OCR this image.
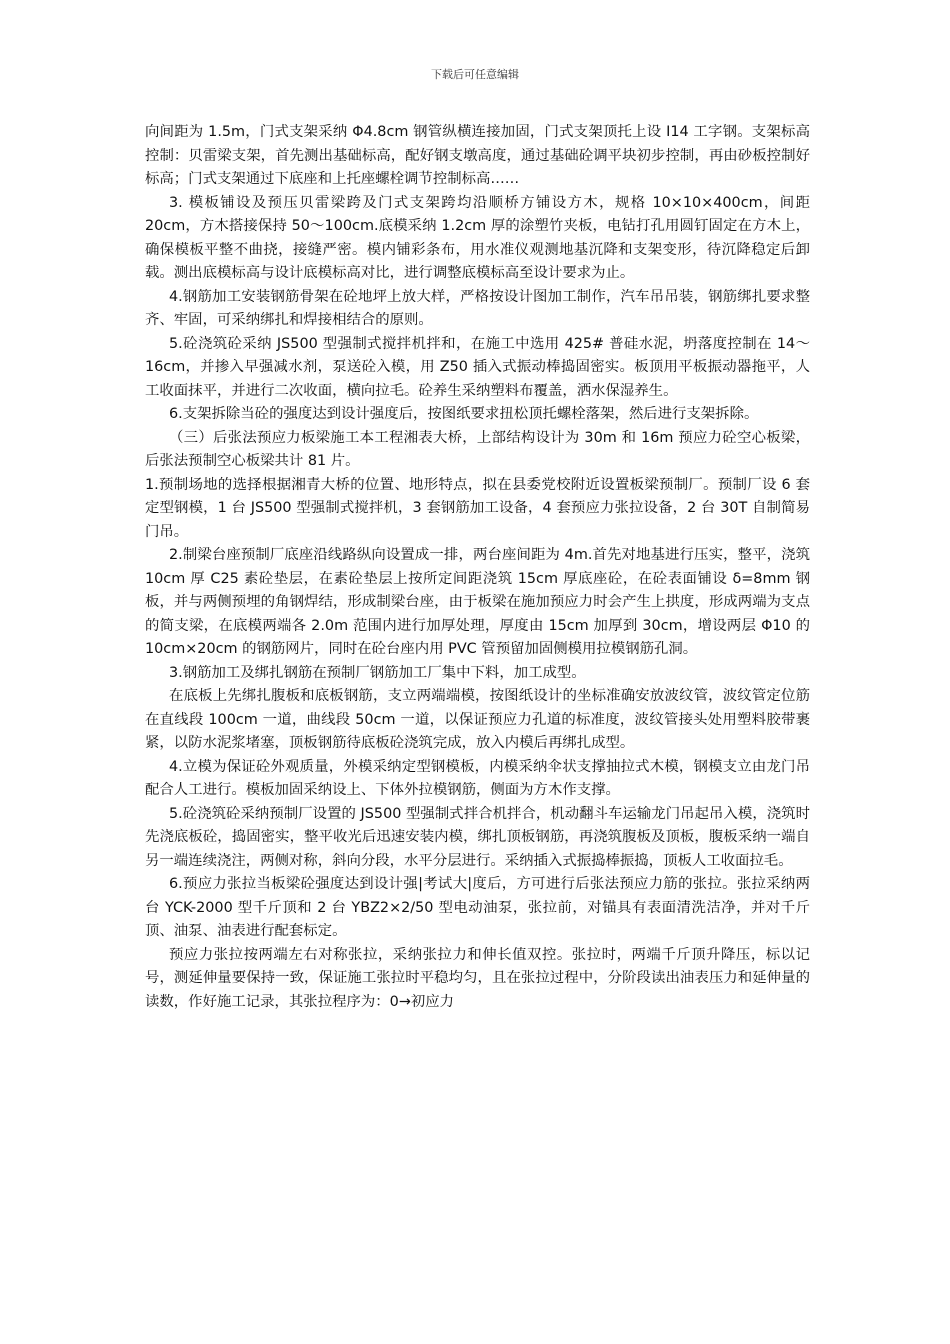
下载后可任意编辑

向间距为 1.5m，门式支架采纳 Φ4.8cm 钢管纵横连接加固，门式支架顶托上设 I14 工字钢。支架标高控制：贝雷梁支架，首先测出基础标高，配好钢支墩高度，通过基础砼调平块初步控制，再由砂板控制好标高；门式支架通过下底座和上托座螺栓调节控制标高……

3. 模板铺设及预压贝雷梁跨及门式支架跨均沿顺桥方铺设方木，规格 10×10×400cm，间距 20cm，方木搭接保持 50～100cm.底模采纳 1.2cm 厚的涂塑竹夹板，电钻打孔用圆钉固定在方木上，确保模板平整不曲挠，接缝严密。模内铺彩条布，用水准仪观测地基沉降和支架变形，待沉降稳定后卸载。测出底模标高与设计底模标高对比，进行调整底模标高至设计要求为止。

4.钢筋加工安装钢筋骨架在砼地坪上放大样，严格按设计图加工制作，汽车吊吊装，钢筋绑扎要求整齐、牢固，可采纳绑扎和焊接相结合的原则。

5.砼浇筑砼采纳 JS500 型强制式搅拌机拌和，在施工中选用 425# 普硅水泥，坍落度控制在 14～16cm，并掺入早强减水剂，泵送砼入模，用 Z50 插入式振动棒捣固密实。板顶用平板振动器拖平，人工收面抹平，并进行二次收面，横向拉毛。砼养生采纳塑料布覆盖，洒水保湿养生。

6.支架拆除当砼的强度达到设计强度后，按图纸要求扭松顶托螺栓落架，然后进行支架拆除。

（三）后张法预应力板梁施工本工程湘表大桥，上部结构设计为 30m 和 16m 预应力砼空心板梁，后张法预制空心板梁共计 81 片。

1.预制场地的选择根据湘青大桥的位置、地形特点，拟在县委党校附近设置板梁预制厂。预制厂设 6 套定型钢模，1 台 JS500 型强制式搅拌机，3 套钢筋加工设备，4 套预应力张拉设备，2 台 30T 自制简易门吊。

2.制梁台座预制厂底座沿线路纵向设置成一排，两台座间距为 4m.首先对地基进行压实，整平，浇筑 10cm 厚 C25 素砼垫层，在素砼垫层上按所定间距浇筑 15cm 厚底座砼，在砼表面铺设 δ=8mm 钢板，并与两侧预埋的角钢焊结，形成制梁台座，由于板梁在施加预应力时会产生上拱度，形成两端为支点的简支梁，在底模两端各 2.0m 范围内进行加厚处理，厚度由 15cm 加厚到 30cm，增设两层 Φ10 的 10cm×20cm 的钢筋网片，同时在砼台座内用 PVC 管预留加固侧模用拉模钢筋孔洞。

3.钢筋加工及绑扎钢筋在预制厂钢筋加工厂集中下料，加工成型。

在底板上先绑扎腹板和底板钢筋，支立两端端模，按图纸设计的坐标准确安放波纹管，波纹管定位筋在直线段 100cm 一道，曲线段 50cm 一道，以保证预应力孔道的标准度，波纹管接头处用塑料胶带裹紧，以防水泥浆堵塞，顶板钢筋待底板砼浇筑完成，放入内模后再绑扎成型。

4.立模为保证砼外观质量，外模采纳定型钢模板，内模采纳伞状支撑抽拉式木模，钢模支立由龙门吊配合人工进行。模板加固采纳设上、下体外拉模钢筋，侧面为方木作支撑。

5.砼浇筑砼采纳预制厂设置的 JS500 型强制式拌合机拌合，机动翻斗车运输龙门吊起吊入模，浇筑时先浇底板砼，捣固密实，整平收光后迅速安装内模，绑扎顶板钢筋，再浇筑腹板及顶板，腹板采纳一端自另一端连续浇注，两侧对称，斜向分段，水平分层进行。采纳插入式振捣棒振捣，顶板人工收面拉毛。

6.预应力张拉当板梁砼强度达到设计强|考试大|度后，方可进行后张法预应力筋的张拉。张拉采纳两台 YCK-2000 型千斤顶和 2 台 YBZ2×2/50 型电动油泵，张拉前，对锚具有表面清洗洁净，并对千斤顶、油泵、油表进行配套标定。

预应力张拉按两端左右对称张拉，采纳张拉力和伸长值双控。张拉时，两端千斤顶升降压，标以记号，测延伸量要保持一致，保证施工张拉时平稳均匀，且在张拉过程中，分阶段读出油表压力和延伸量的读数，作好施工记录，其张拉程序为：0→初应力
